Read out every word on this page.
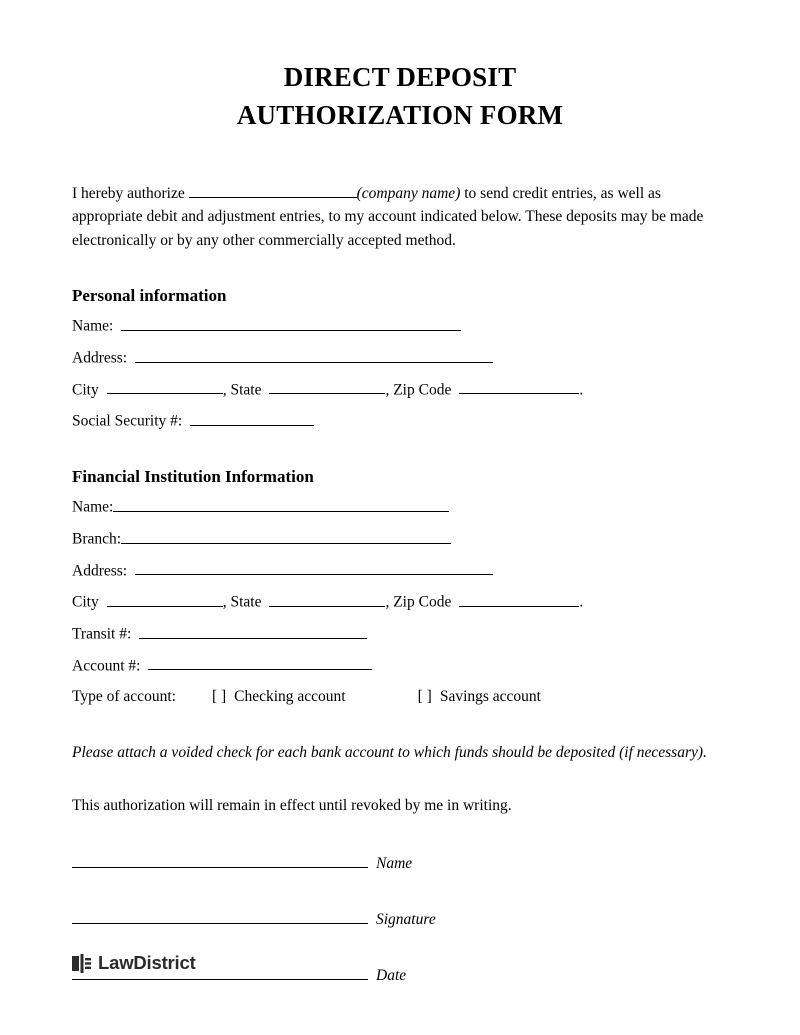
DIRECT DEPOSIT
AUTHORIZATION FORM

I hereby authorize	(company name) to send credit entries, as well as appropriate debit and adjustment entries, to my account indicated below. These deposits may be made electronically or by any other commercially accepted method.

Personal information
Name:
Address:
City	, State	, Zip Code	.
Social Security #:
Financial Institution Information
Name:
Branch:
Address:
City	, State	, Zip Code	.
Transit #:
Account #:
Type of account: [ ] Checking account	[ ] Savings account

Please attach a voided check for each bank account to which funds should be deposited (if necessary).

This authorization will remain in effect until revoked by me in writing.

Name
Signature
Date
LawDistrict
